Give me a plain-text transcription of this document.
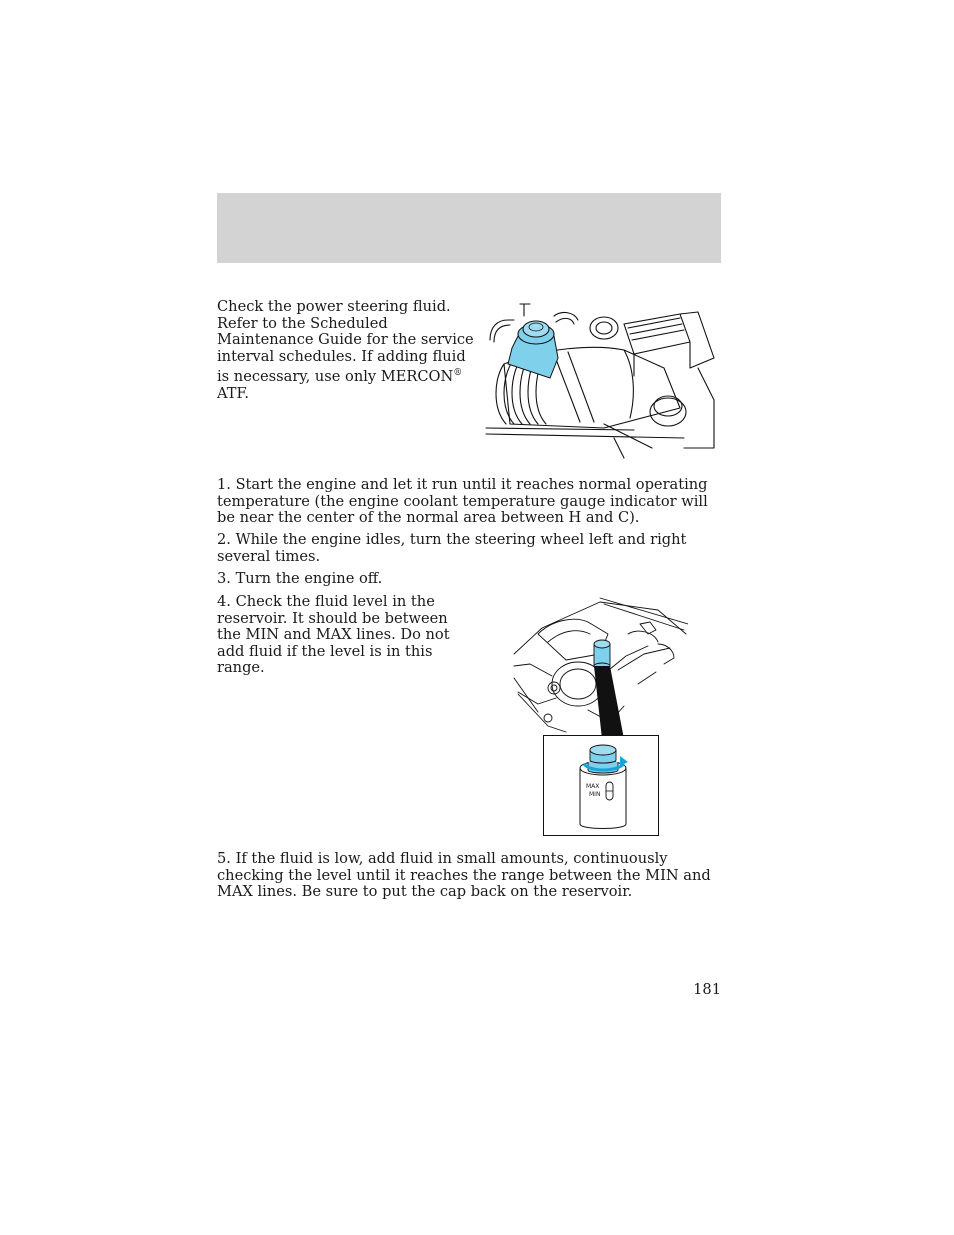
Check the power steering fluid. Refer to the Scheduled Maintenance Guide for the service interval schedules. If adding fluid is necessary, use only MERCON® ATF.

1. Start the engine and let it run until it reaches normal operating temperature (the engine coolant temperature gauge indicator will be near the center of the normal area between H and C).

2. While the engine idles, turn the steering wheel left and right several times.

3. Turn the engine off.

4. Check the fluid level in the reservoir. It should be between the MIN and MAX lines. Do not add fluid if the level is in this range.

MAX
MIN

5. If the fluid is low, add fluid in small amounts, continuously checking the level until it reaches the range between the MIN and MAX lines. Be sure to put the cap back on the reservoir.

181
